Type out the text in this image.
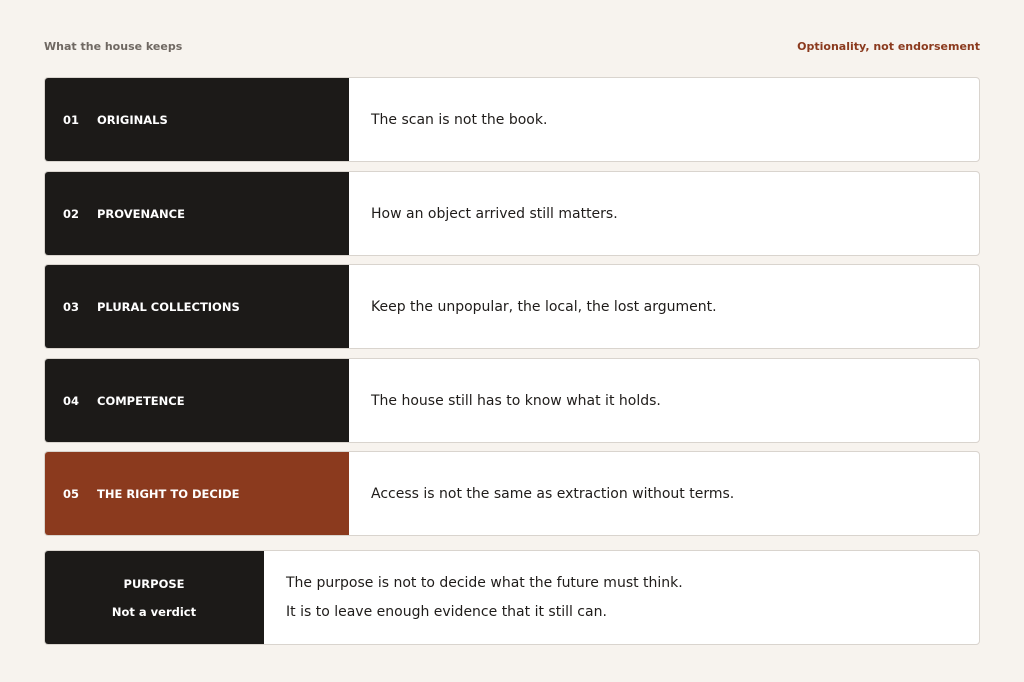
What the house keeps	Optionality, not endorsement
01	ORIGINALS	The scan is not the book.
02	PROVENANCE	How an object arrived still matters.
03	PLURAL COLLECTIONS	Keep the unpopular, the local, the lost argument.
04	COMPETENCE	The house still has to know what it holds.
05	THE RIGHT TO DECIDE	Access is not the same as extraction without terms.
PURPOSE
Not a verdict
The purpose is not to decide what the future must think.
It is to leave enough evidence that it still can.
